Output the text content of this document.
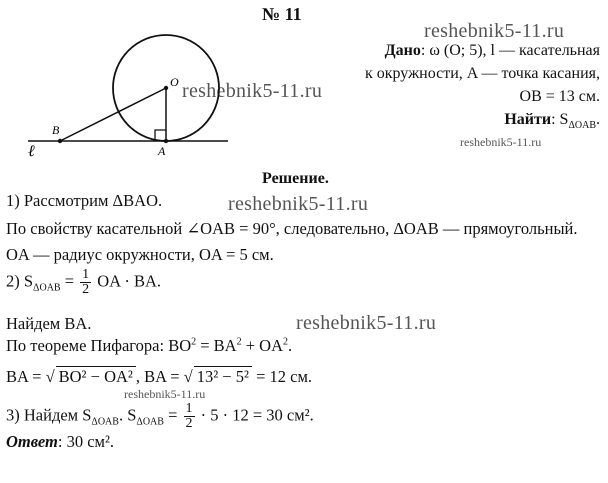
№ 11
reshebnik5-11.ru
reshebnik5-11.ru
reshebnik5-11.ru
reshebnik5-11.ru
reshebnik5-11.ru
reshebnik5-11.ru
O
B
A
ℓ
Дано: ω (O; 5), l — касательная
к окружности, A — точка касания,
OB = 13 см.
Найти: $S_{\Delta OAB}$.
Решение.
1) Рассмотрим ΔBAO.
По свойству касательной ∠OAB = 90°, следовательно, ΔOAB — прямоугольный.
OA — радиус окружности, OA = 5 см.
2) $S_{\Delta OAB} = \frac{1}{2}$ OA · BA.
Найдем BA.
По теореме Пифагора: $BO^2 = BA^2 + OA^2$.
BA = √ BO² − OA² , BA = √ 13² − 5² = 12 см.
3) Найдем $S_{\Delta OAB}$. $S_{\Delta OAB} = \frac{1}{2} \cdot 5 \cdot 12 = 30$ см².
Ответ: 30 см².
